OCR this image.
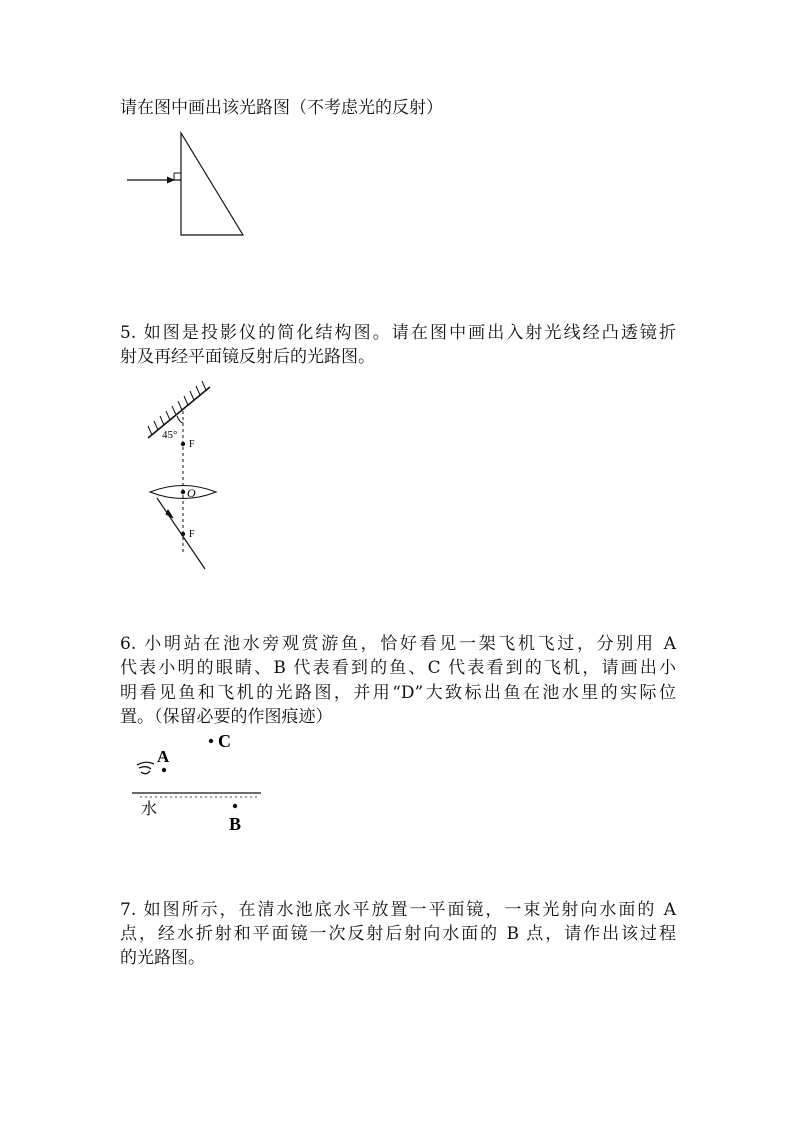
请在图中画出该光路图（不考虑光的反射）
45°
F
O
F
A
C
水
B
5. 如图是投影仪的简化结构图。请在图中画出入射光线经凸透镜折
射及再经平面镜反射后的光路图。
6. 小明站在池水旁观赏游鱼，恰好看见一架飞机飞过，分别用 A
代表小明的眼睛、B 代表看到的鱼、C 代表看到的飞机，请画出小
明看见鱼和飞机的光路图，并用“D”大致标出鱼在池水里的实际位
置。（保留必要的作图痕迹）
7. 如图所示，在清水池底水平放置一平面镜，一束光射向水面的 A
点，经水折射和平面镜一次反射后射向水面的 B 点，请作出该过程
的光路图。
